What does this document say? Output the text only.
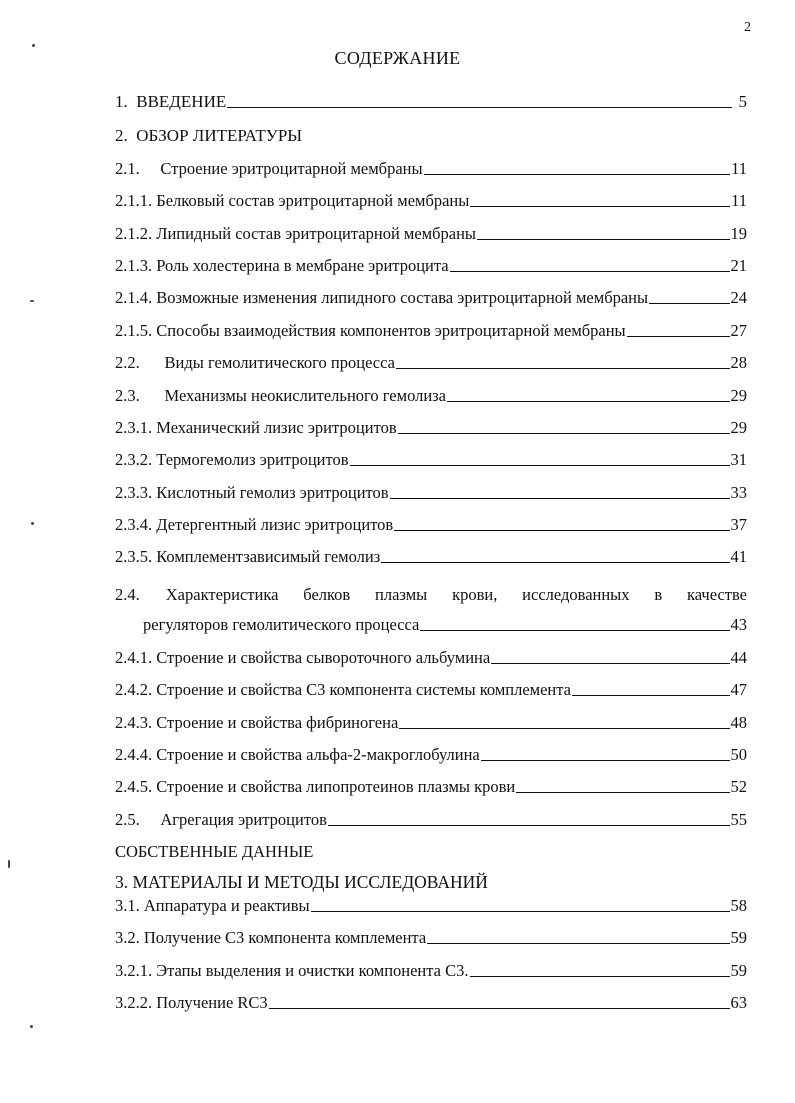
2
СОДЕРЖАНИЕ
1. ВВЕДЕНИЕ	5
2. ОБЗОР ЛИТЕРАТУРЫ
2.1. Строение эритроцитарной мембраны	11
2.1.1. Белковый состав эритроцитарной мембраны	11
2.1.2. Липидный состав эритроцитарной мембраны	19
2.1.3. Роль холестерина в мембране эритроцита	21
2.1.4. Возможные изменения липидного состава эритроцитарной мембраны	24
2.1.5. Способы взаимодействия компонентов эритроцитарной мембраны	27
2.2. Виды гемолитического процесса	28
2.3. Механизмы неокислительного гемолиза	29
2.3.1. Механический лизис эритроцитов	29
2.3.2. Термогемолиз эритроцитов	31
2.3.3. Кислотный гемолиз эритроцитов	33
2.3.4. Детергентный лизис эритроцитов	37
2.3.5. Комплементзависимый гемолиз	41
2.4. Характеристика белков плазмы крови, исследованных в качестве
регуляторов гемолитического процесса	43
2.4.1. Строение и свойства сывороточного альбумина	44
2.4.2. Строение и свойства С3 компонента системы комплемента	47
2.4.3. Строение и свойства фибриногена	48
2.4.4. Строение и свойства альфа-2-макроглобулина	50
2.4.5. Строение и свойства липопротеинов плазмы крови	52
2.5. Агрегация эритроцитов	55
СОБСТВЕННЫЕ ДАННЫЕ
3. МАТЕРИАЛЫ И МЕТОДЫ ИССЛЕДОВАНИЙ
3.1. Аппаратура и реактивы	58
3.2. Получение С3 компонента комплемента	59
3.2.1. Этапы выделения и очистки компонента С3.	59
3.2.2. Получение RC3	63
